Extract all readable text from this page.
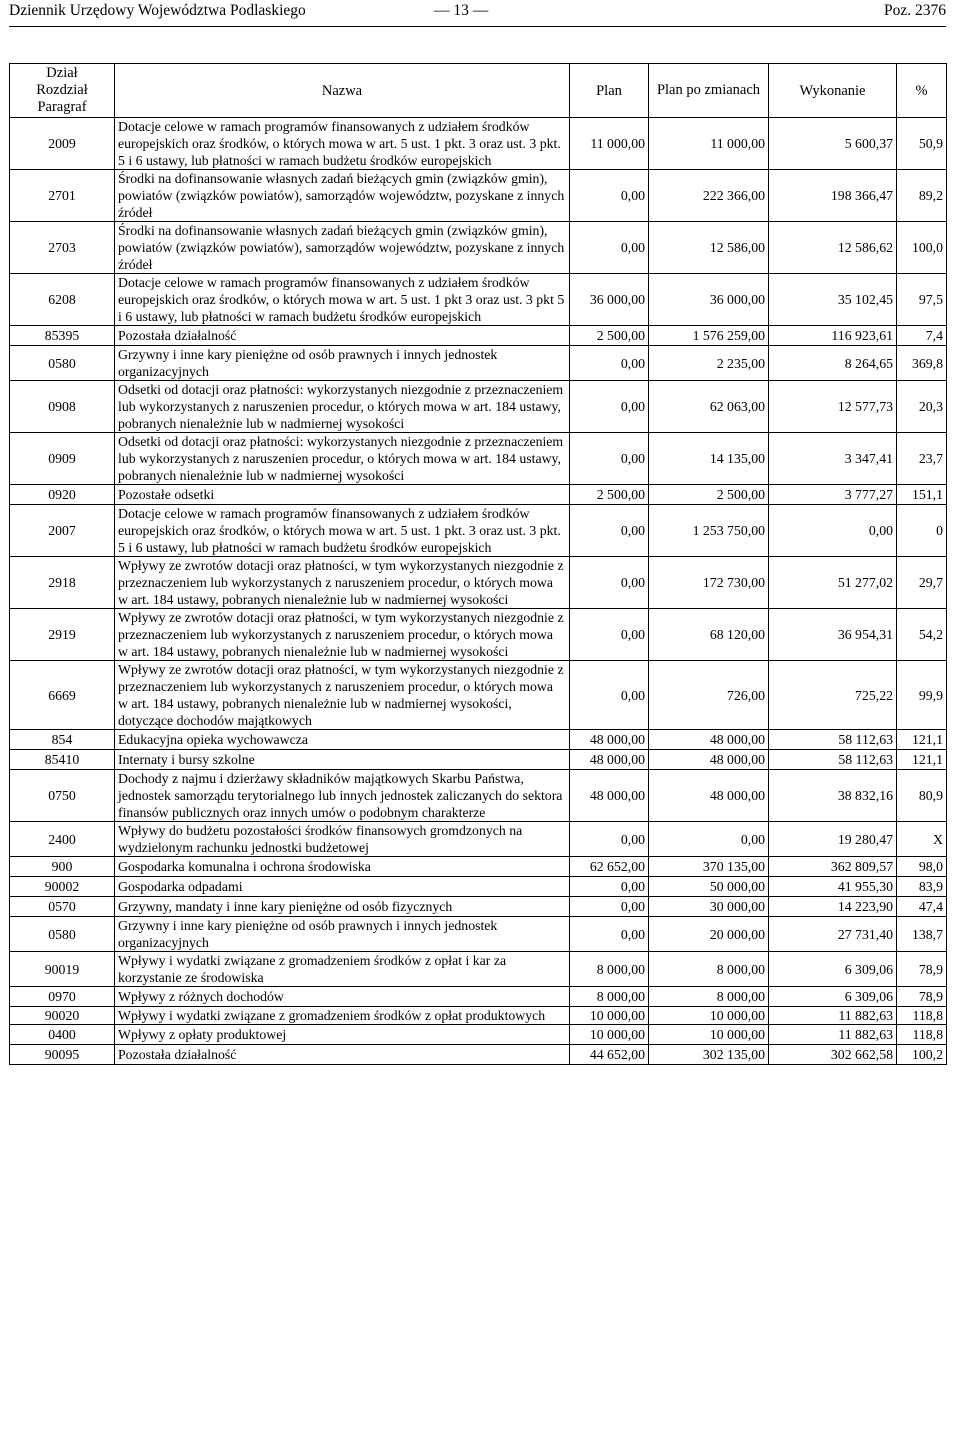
Dziennik Urzędowy Województwa Podlaskiego	— 13 —	Poz. 2376
Dział
Rozdział
Paragraf	Nazwa	Plan	Plan po zmianach	Wykonanie	%
2009	Dotacje celowe w ramach programów finansowanych z udziałem środków europejskich oraz środków, o których mowa w art. 5 ust. 1 pkt. 3 oraz ust. 3 pkt. 5 i 6 ustawy, lub płatności w ramach budżetu środków europejskich	11 000,00	11 000,00	5 600,37	50,9
2701	Środki na dofinansowanie własnych zadań bieżących gmin (związków gmin), powiatów (związków powiatów), samorządów województw, pozyskane z innych źródeł	0,00	222 366,00	198 366,47	89,2
2703	Środki na dofinansowanie własnych zadań bieżących gmin (związków gmin), powiatów (związków powiatów), samorządów województw, pozyskane z innych źródeł	0,00	12 586,00	12 586,62	100,0
6208	Dotacje celowe w ramach programów finansowanych z udziałem środków europejskich oraz środków, o których mowa w art. 5 ust. 1 pkt 3 oraz ust. 3 pkt 5 i 6 ustawy, lub płatności w ramach budżetu środków europejskich	36 000,00	36 000,00	35 102,45	97,5
85395	Pozostała działalność	2 500,00	1 576 259,00	116 923,61	7,4
0580	Grzywny i inne kary pieniężne od osób prawnych i innych jednostek organizacyjnych	0,00	2 235,00	8 264,65	369,8
0908	Odsetki od dotacji oraz płatności: wykorzystanych niezgodnie z przeznaczeniem lub wykorzystanych z naruszenien procedur, o których mowa w art. 184 ustawy, pobranych nienależnie lub w nadmiernej wysokości	0,00	62 063,00	12 577,73	20,3
0909	Odsetki od dotacji oraz płatności: wykorzystanych niezgodnie z przeznaczeniem lub wykorzystanych z naruszenien procedur, o których mowa w art. 184 ustawy, pobranych nienależnie lub w nadmiernej wysokości	0,00	14 135,00	3 347,41	23,7
0920	Pozostałe odsetki	2 500,00	2 500,00	3 777,27	151,1
2007	Dotacje celowe w ramach programów finansowanych z udziałem środków europejskich oraz środków, o których mowa w art. 5 ust. 1 pkt. 3 oraz ust. 3 pkt. 5 i 6 ustawy, lub płatności w ramach budżetu środków europejskich	0,00	1 253 750,00	0,00	0
2918	Wpływy ze zwrotów dotacji oraz płatności, w tym wykorzystanych niezgodnie z przeznaczeniem lub wykorzystanych z naruszeniem procedur, o których mowa w art. 184 ustawy, pobranych nienależnie lub w nadmiernej wysokości	0,00	172 730,00	51 277,02	29,7
2919	Wpływy ze zwrotów dotacji oraz płatności, w tym wykorzystanych niezgodnie z przeznaczeniem lub wykorzystanych z naruszeniem procedur, o których mowa w art. 184 ustawy, pobranych nienależnie lub w nadmiernej wysokości	0,00	68 120,00	36 954,31	54,2
6669	Wpływy ze zwrotów dotacji oraz płatności, w tym wykorzystanych niezgodnie z przeznaczeniem lub wykorzystanych z naruszeniem procedur, o których mowa w art. 184 ustawy, pobranych nienależnie lub w nadmiernej wysokości, dotyczące dochodów majątkowych	0,00	726,00	725,22	99,9
854	Edukacyjna opieka wychowawcza	48 000,00	48 000,00	58 112,63	121,1
85410	Internaty i bursy szkolne	48 000,00	48 000,00	58 112,63	121,1
0750	Dochody z najmu i dzierżawy składników majątkowych Skarbu Państwa, jednostek samorządu terytorialnego lub innych jednostek zaliczanych do sektora finansów publicznych oraz innych umów o podobnym charakterze	48 000,00	48 000,00	38 832,16	80,9
2400	Wpływy do budżetu pozostałości środków finansowych gromdzonych na wydzielonym rachunku jednostki budżetowej	0,00	0,00	19 280,47	X
900	Gospodarka komunalna i ochrona środowiska	62 652,00	370 135,00	362 809,57	98,0
90002	Gospodarka odpadami	0,00	50 000,00	41 955,30	83,9
0570	Grzywny, mandaty i inne kary pieniężne od osób fizycznych	0,00	30 000,00	14 223,90	47,4
0580	Grzywny i inne kary pieniężne od osób prawnych i innych jednostek organizacyjnych	0,00	20 000,00	27 731,40	138,7
90019	Wpływy i wydatki związane z gromadzeniem środków z opłat i kar za korzystanie ze środowiska	8 000,00	8 000,00	6 309,06	78,9
0970	Wpływy z różnych dochodów	8 000,00	8 000,00	6 309,06	78,9
90020	Wpływy i wydatki związane z gromadzeniem środków z opłat produktowych	10 000,00	10 000,00	11 882,63	118,8
0400	Wpływy z opłaty produktowej	10 000,00	10 000,00	11 882,63	118,8
90095	Pozostała działalność	44 652,00	302 135,00	302 662,58	100,2
